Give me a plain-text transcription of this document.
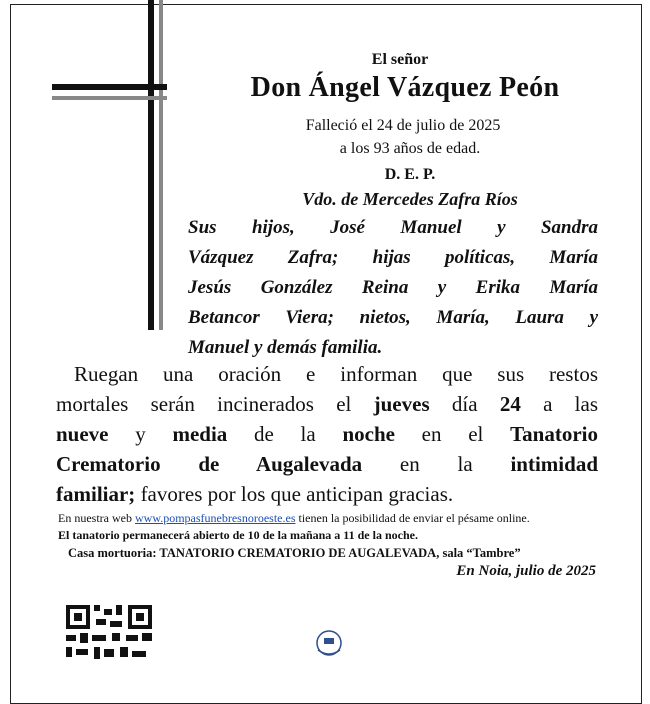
El señor
Don Ángel Vázquez Peón
Falleció el 24 de julio de 2025
a los 93 años de edad.
D. E. P.
Vdo. de Mercedes Zafra Ríos
Sus hijos, José Manuel y Sandra
Vázquez Zafra; hijas políticas, María
Jesús González Reina y Erika María
Betancor Viera; nietos, María, Laura y
Manuel y demás familia.
Ruegan una oración e informan que sus restos
mortales serán incinerados el jueves día 24 a las
nueve y media de la noche en el Tanatorio
Crematorio de Augalevada en la intimidad
familiar; favores por los que anticipan gracias.
En nuestra web www.pompasfunebresnoroeste.es tienen la posibilidad de enviar el pésame online.
El tanatorio permanecerá abierto de 10 de la mañana a 11 de la noche.
Casa mortuoria: TANATORIO CREMATORIO DE AUGALEVADA, sala “Tambre”
En Noia, julio de 2025
